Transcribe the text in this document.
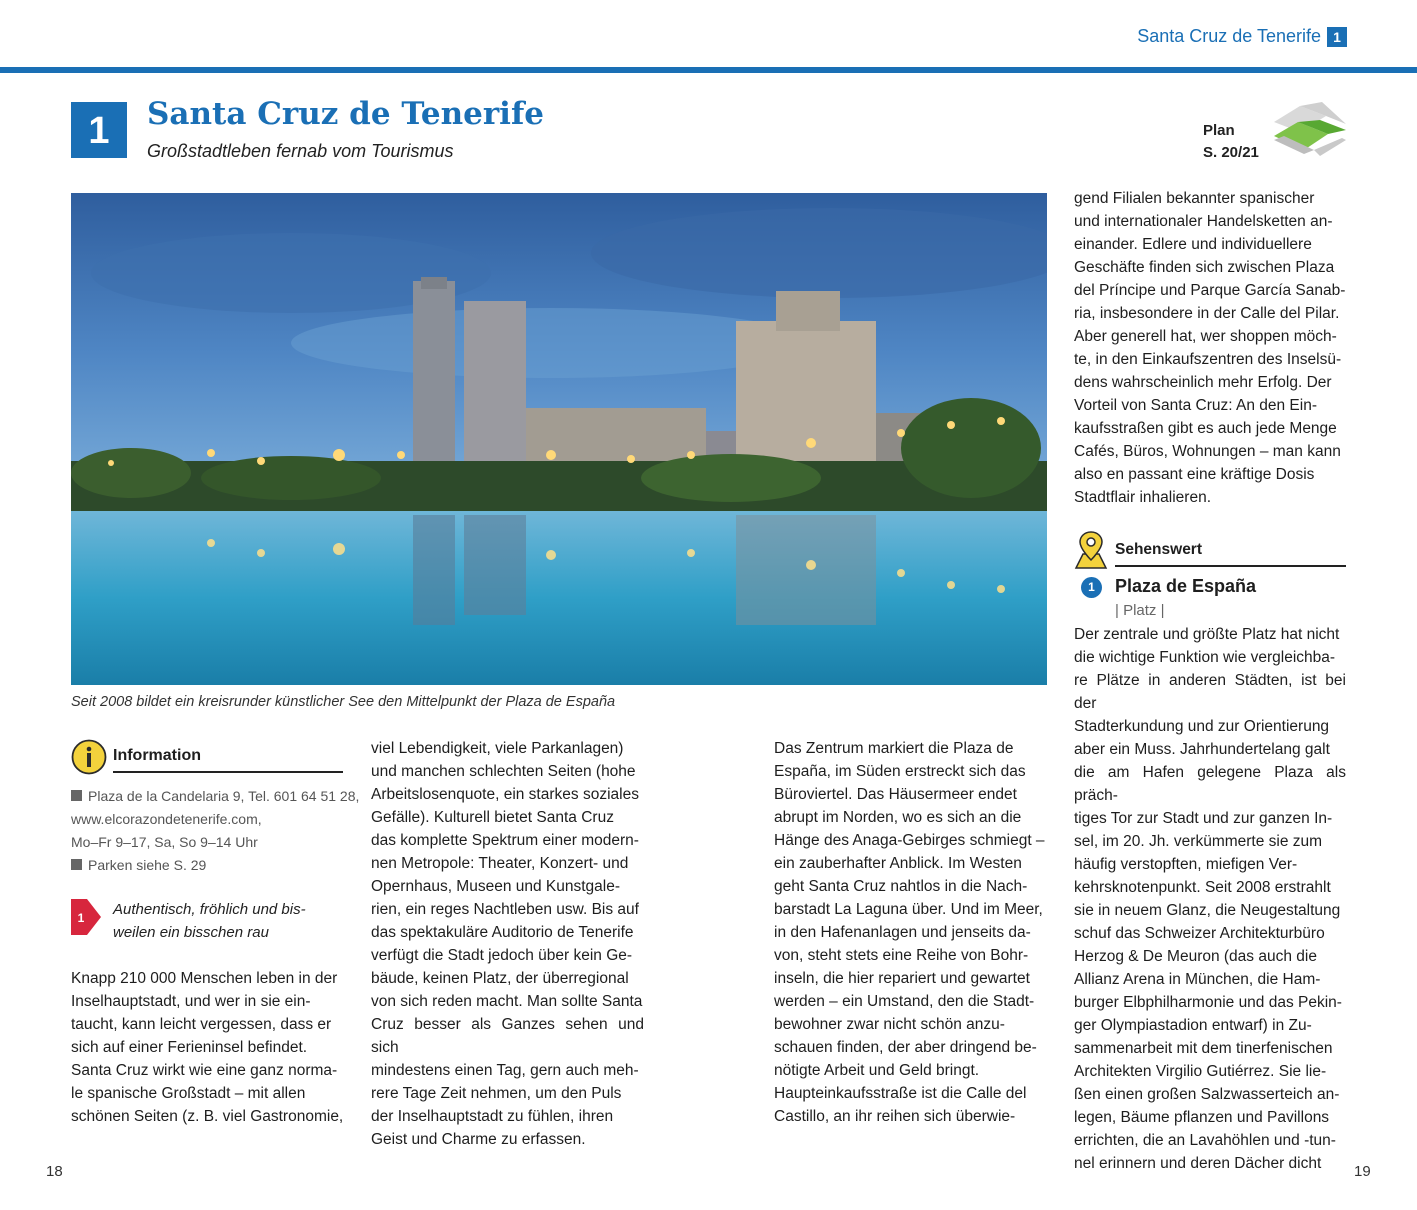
Santa Cruz de Tenerife 1
1	Santa Cruz de Tenerife
Großstadtleben fernab vom Tourismus
Plan
S. 20/21
Seit 2008 bildet ein kreisrunder künstlicher See den Mittelpunkt der Plaza de España
Information
Plaza de la Candelaria 9, Tel. 601 64 51 28,
www.elcorazondetenerife.com,
Mo–Fr 9–17, Sa, So 9–14 Uhr
Parken siehe S. 29
1 Authentisch, fröhlich und bis-
weilen ein bisschen rau

Knapp 210 000 Menschen leben in der

Inselhauptstadt, und wer in sie ein-

taucht, kann leicht vergessen, dass er

sich auf einer Ferieninsel befindet.

Santa Cruz wirkt wie eine ganz norma-

le spanische Großstadt – mit allen

schönen Seiten (z. B. viel Gastronomie,

viel Lebendigkeit, viele Parkanlagen)

und manchen schlechten Seiten (hohe

Arbeitslosenquote, ein starkes soziales

Gefälle). Kulturell bietet Santa Cruz

das komplette Spektrum einer modern-

nen Metropole: Theater, Konzert- und

Opernhaus, Museen und Kunstgale-

rien, ein reges Nachtleben usw. Bis auf

das spektakuläre Auditorio de Tenerife

verfügt die Stadt jedoch über kein Ge-

bäude, keinen Platz, der überregional

von sich reden macht. Man sollte Santa

Cruz besser als Ganzes sehen und sich

mindestens einen Tag, gern auch meh-

rere Tage Zeit nehmen, um den Puls

der Inselhauptstadt zu fühlen, ihren

Geist und Charme zu erfassen.

Das Zentrum markiert die Plaza de

España, im Süden erstreckt sich das

Büroviertel. Das Häusermeer endet

abrupt im Norden, wo es sich an die

Hänge des Anaga-Gebirges schmiegt –

ein zauberhafter Anblick. Im Westen

geht Santa Cruz nahtlos in die Nach-

barstadt La Laguna über. Und im Meer,

in den Hafenanlagen und jenseits da-

von, steht stets eine Reihe von Bohr-

inseln, die hier repariert und gewartet

werden – ein Umstand, den die Stadt-

bewohner zwar nicht schön anzu-

schauen finden, der aber dringend be-

nötigte Arbeit und Geld bringt.

Haupteinkaufsstraße ist die Calle del

Castillo, an ihr reihen sich überwie-

gend Filialen bekannter spanischer

und internationaler Handelsketten an-

einander. Edlere und individuellere

Geschäfte finden sich zwischen Plaza

del Príncipe und Parque García Sanab-

ria, insbesondere in der Calle del Pilar.

Aber generell hat, wer shoppen möch-

te, in den Einkaufszentren des Inselsü-

dens wahrscheinlich mehr Erfolg. Der

Vorteil von Santa Cruz: An den Ein-

kaufsstraßen gibt es auch jede Menge

Cafés, Büros, Wohnungen – man kann

also en passant eine kräftige Dosis

Stadtflair inhalieren.

Sehenswert
1	Plaza de España
| Platz |

Der zentrale und größte Platz hat nicht

die wichtige Funktion wie vergleichba-

re Plätze in anderen Städten, ist bei der

Stadterkundung und zur Orientierung

aber ein Muss. Jahrhundertelang galt

die am Hafen gelegene Plaza als präch-

tiges Tor zur Stadt und zur ganzen In-

sel, im 20. Jh. verkümmerte sie zum

häufig verstopften, miefigen Ver-

kehrsknotenpunkt. Seit 2008 erstrahlt

sie in neuem Glanz, die Neugestaltung

schuf das Schweizer Architekturbüro

Herzog & De Meuron (das auch die

Allianz Arena in München, die Ham-

burger Elbphilharmonie und das Pekin-

ger Olympiastadion entwarf) in Zu-

sammenarbeit mit dem tinerfenischen

Architekten Virgilio Gutiérrez. Sie lie-

ßen einen großen Salzwasserteich an-

legen, Bäume pflanzen und Pavillons

errichten, die an Lavahöhlen und -tun-

nel erinnern und deren Dächer dicht

18	19
